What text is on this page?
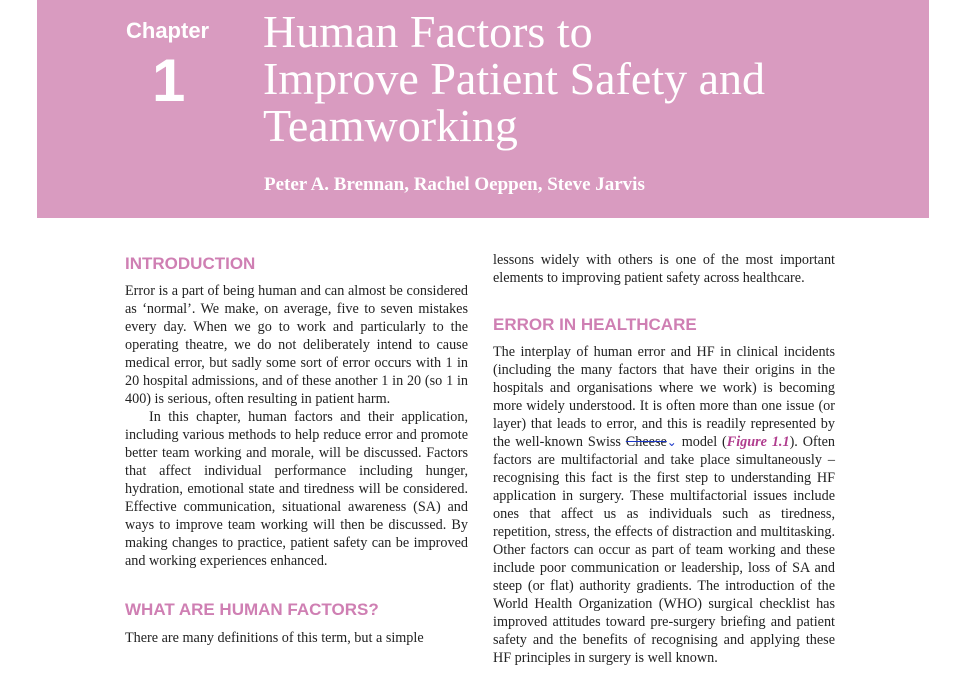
Chapter
1
Human Factors to
Improve Patient Safety and
Teamworking
Peter A. Brennan, Rachel Oeppen, Steve Jarvis
INTRODUCTION

Error is a part of being human and can almost be considered as ‘normal’. We make, on average, five to seven mistakes every day. When we go to work and particularly to the operating theatre, we do not deliberately intend to cause medical error, but sadly some sort of error occurs with 1 in 20 hospital admissions, and of these another 1 in 20 (so 1 in 400) is serious, often resulting in patient harm.

In this chapter, human factors and their application, including various methods to help reduce error and promote better team working and morale, will be discussed. Factors that affect individual performance including hunger, hydration, emotional state and tiredness will be considered. Effective communication, situational awareness (SA) and ways to improve team working will then be discussed. By making changes to practice, patient safety can be improved and working experiences enhanced.

WHAT ARE HUMAN FACTORS?

There are many definitions of this term, but a simple

lessons widely with others is one of the most important elements to improving patient safety across healthcare.

ERROR IN HEALTHCARE

The interplay of human error and HF in clinical incidents (including the many factors that have their origins in the hospitals and organisations where we work) is becoming more widely understood. It is often more than one issue (or layer) that leads to error, and this is readily represented by the well-known Swiss Cheese⌄ model (Figure 1.1). Often factors are multifactorial and take place simultaneously – recognising this fact is the first step to understanding HF application in surgery. These multifactorial issues include ones that affect us as individuals such as tiredness, repetition, stress, the effects of distraction and multitasking. Other factors can occur as part of team working and these include poor communication or leadership, loss of SA and steep (or flat) authority gradients. The introduction of the World Health Organization (WHO) surgical checklist has improved attitudes toward pre-surgery briefing and patient safety and the benefits of recognising and applying these HF principles in surgery is well known.
